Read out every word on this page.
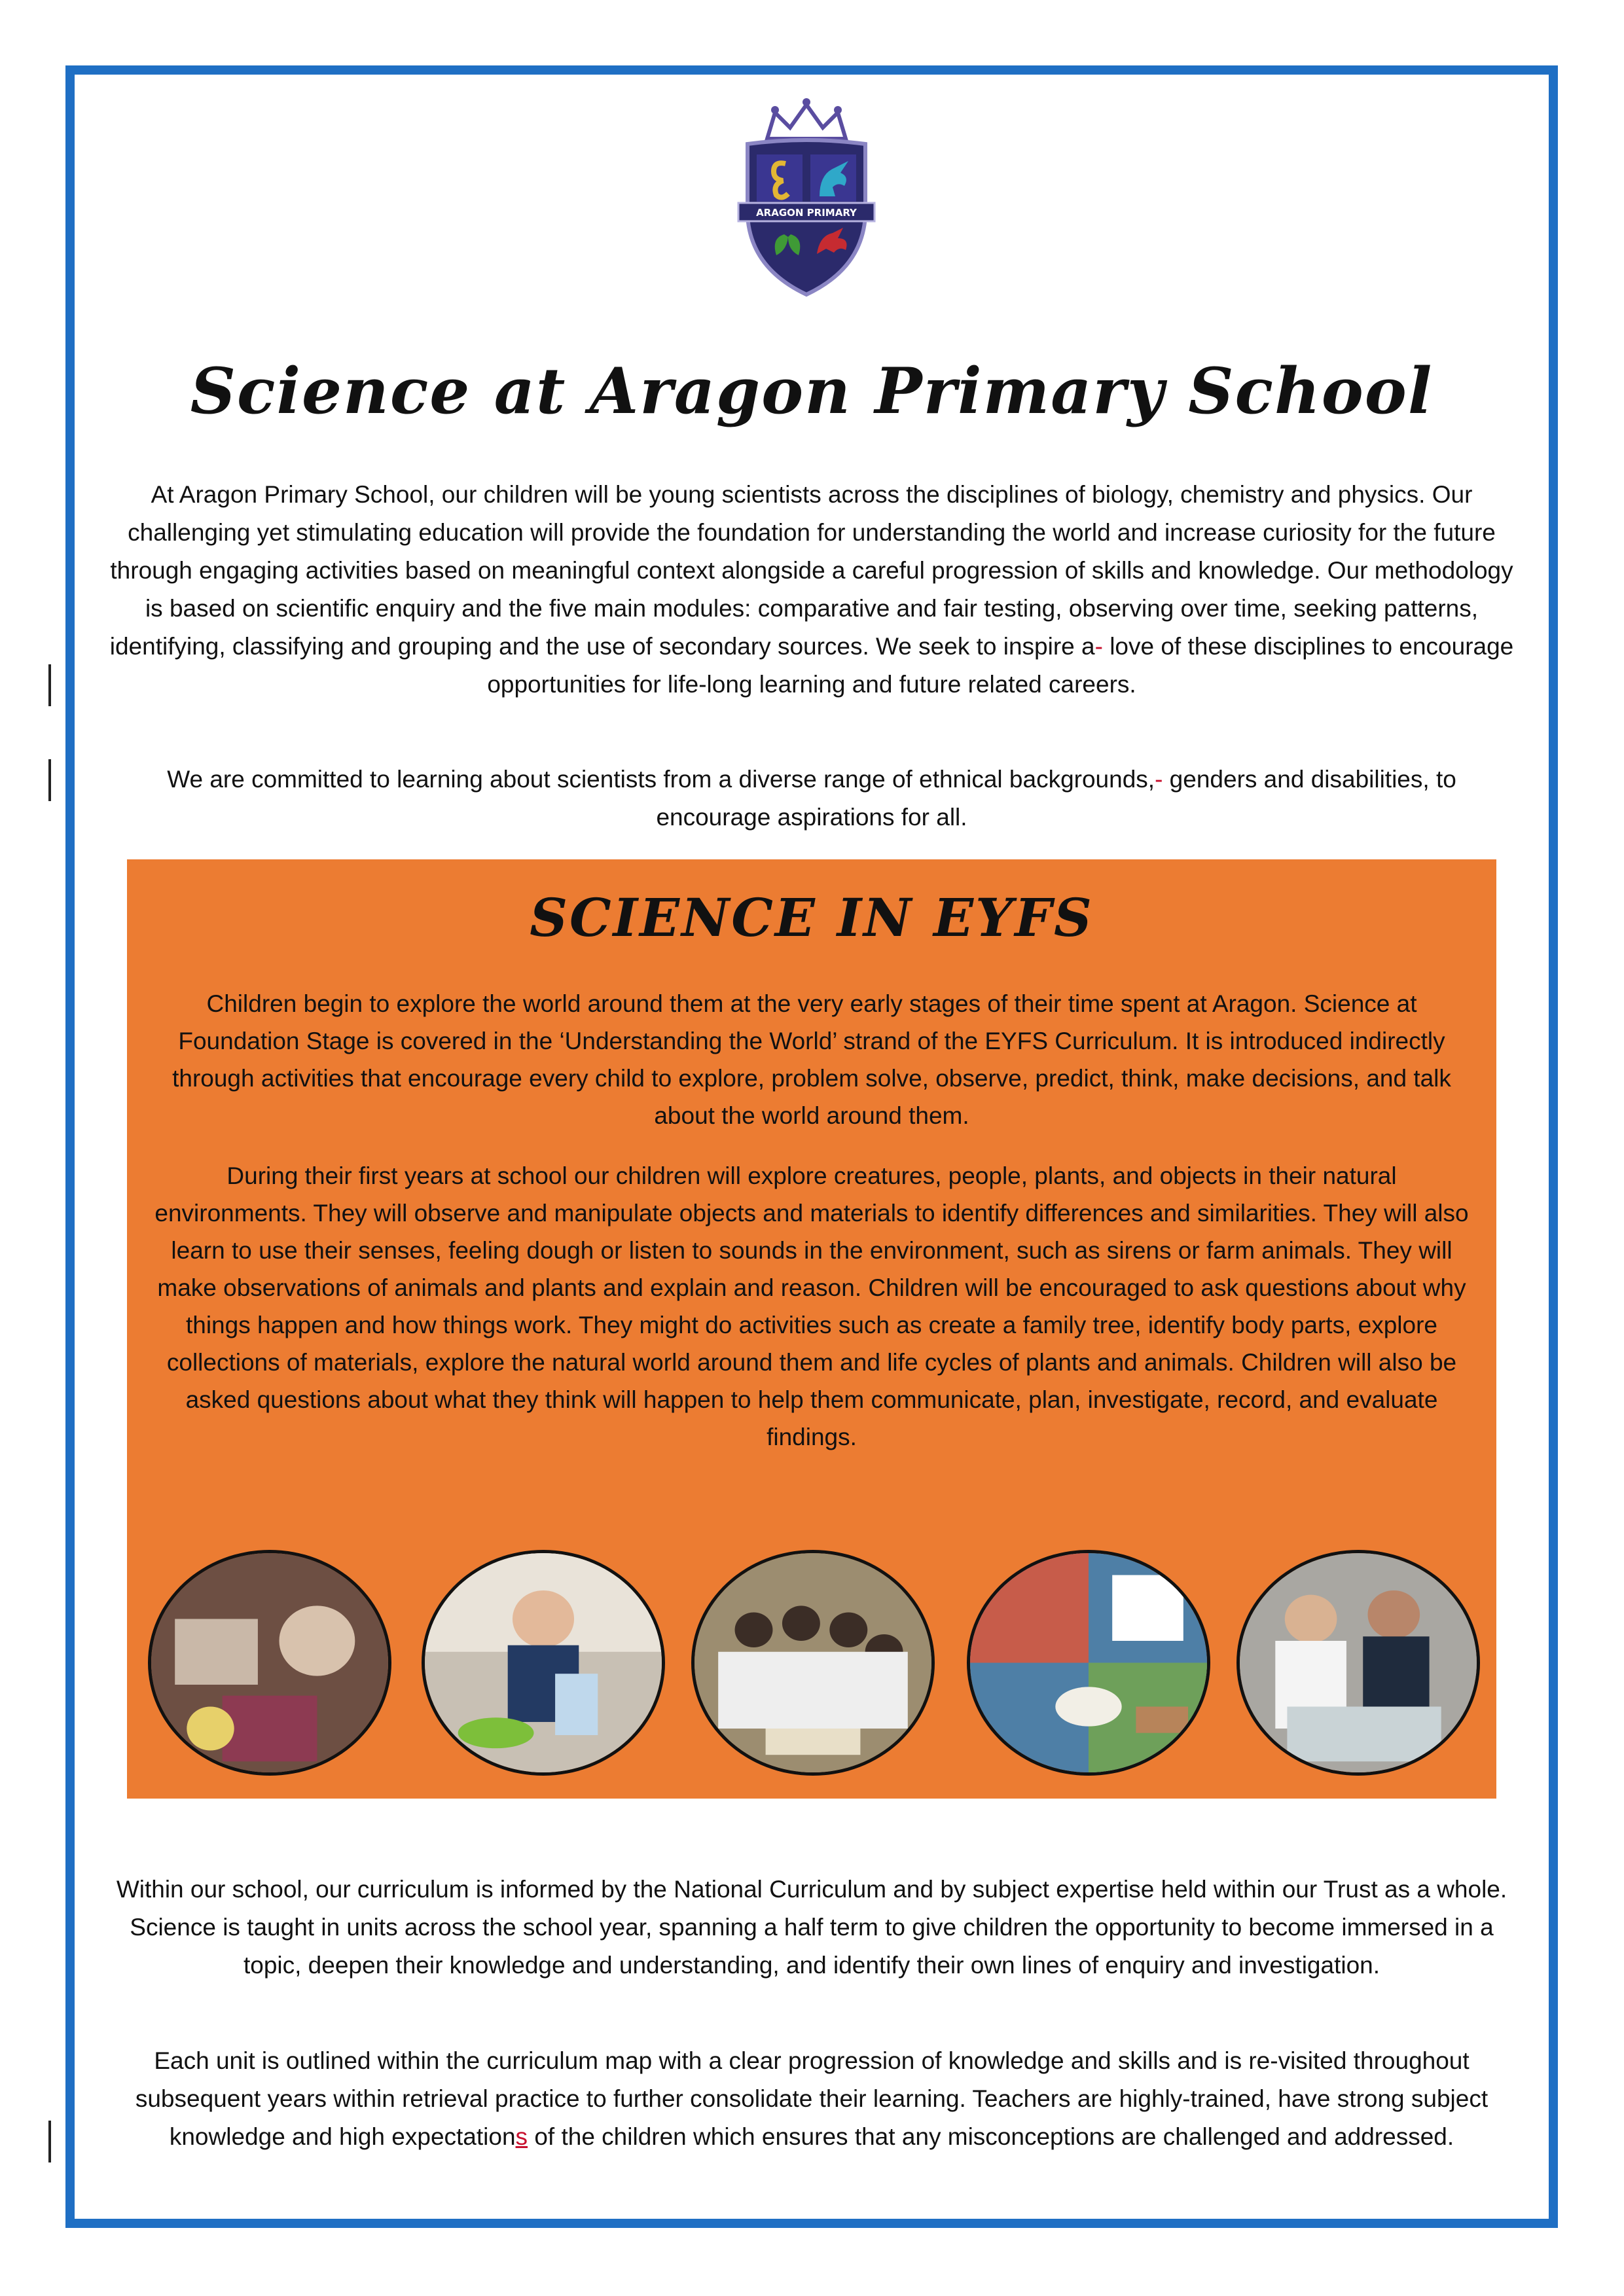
ARAGON PRIMARY
Science at Aragon Primary School

At Aragon Primary School, our children will be young scientists across the disciplines of biology, chemistry and physics. Our challenging yet stimulating education will provide the foundation for understanding the world and increase curiosity for the future through engaging activities based on meaningful context alongside a careful progression of skills and knowledge. Our methodology is based on scientific enquiry and the five main modules: comparative and fair testing, observing over time, seeking patterns, identifying, classifying and grouping and the use of secondary sources. We seek to inspire a- love of these disciplines to encourage opportunities for life-long learning and future related careers.

We are committed to learning about scientists from a diverse range of ethnical backgrounds,- genders and disabilities, to encourage aspirations for all.

SCIENCE IN EYFS

Children begin to explore the world around them at the very early stages of their time spent at Aragon. Science at Foundation Stage is covered in the ‘Understanding the World’ strand of the EYFS Curriculum. It is introduced indirectly through activities that encourage every child to explore, problem solve, observe, predict, think, make decisions, and talk about the world around them.

During their first years at school our children will explore creatures, people, plants, and objects in their natural environments. They will observe and manipulate objects and materials to identify differences and similarities. They will also learn to use their senses, feeling dough or listen to sounds in the environment, such as sirens or farm animals. They will make observations of animals and plants and explain and reason. Children will be encouraged to ask questions about why things happen and how things work. They might do activities such as create a family tree, identify body parts, explore collections of materials, explore the natural world around them and life cycles of plants and animals. Children will also be asked questions about what they think will happen to help them communicate, plan, investigate, record, and evaluate findings.

Within our school, our curriculum is informed by the National Curriculum and by subject expertise held within our Trust as a whole. Science is taught in units across the school year, spanning a half term to give children the opportunity to become immersed in a topic, deepen their knowledge and understanding, and identify their own lines of enquiry and investigation.

Each unit is outlined within the curriculum map with a clear progression of knowledge and skills and is re-visited throughout subsequent years within retrieval practice to further consolidate their learning. Teachers are highly-trained, have strong subject knowledge and high expectations of the children which ensures that any misconceptions are challenged and addressed.
